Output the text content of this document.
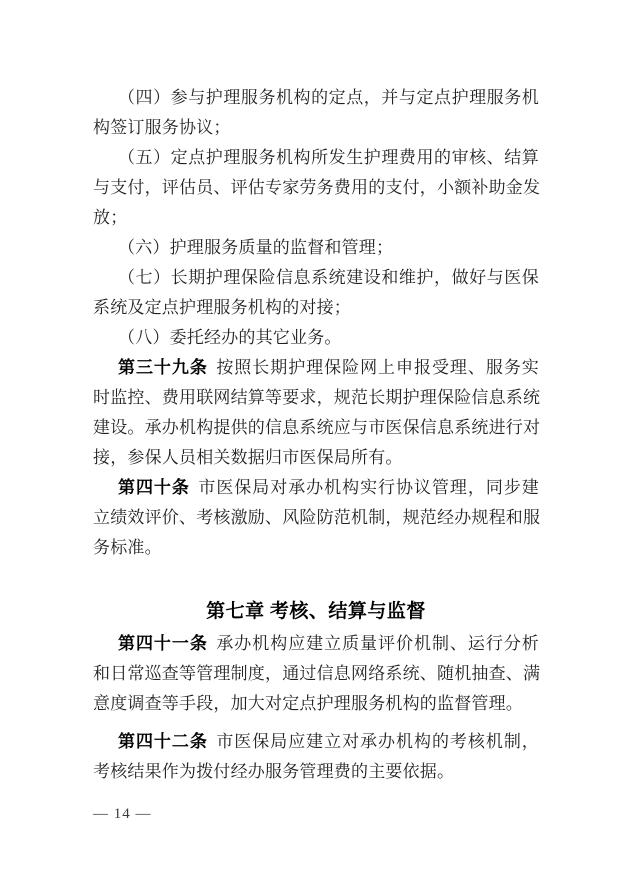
（四）参与护理服务机构的定点，并与定点护理服务机
构签订服务协议；
（五）定点护理服务机构所发生护理费用的审核、结算
与支付，评估员、评估专家劳务费用的支付，小额补助金发
放；
（六）护理服务质量的监督和管理；
（七）长期护理保险信息系统建设和维护，做好与医保
系统及定点护理服务机构的对接；
（八）委托经办的其它业务。
第三十九条 按照长期护理保险网上申报受理、服务实
时监控、费用联网结算等要求，规范长期护理保险信息系统
建设。承办机构提供的信息系统应与市医保信息系统进行对
接，参保人员相关数据归市医保局所有。
第四十条 市医保局对承办机构实行协议管理，同步建
立绩效评价、考核激励、风险防范机制，规范经办规程和服
务标准。
第七章 考核、结算与监督
第四十一条 承办机构应建立质量评价机制、运行分析
和日常巡查等管理制度，通过信息网络系统、随机抽查、满
意度调查等手段，加大对定点护理服务机构的监督管理。
第四十二条 市医保局应建立对承办机构的考核机制，
考核结果作为拨付经办服务管理费的主要依据。
— 14 —
